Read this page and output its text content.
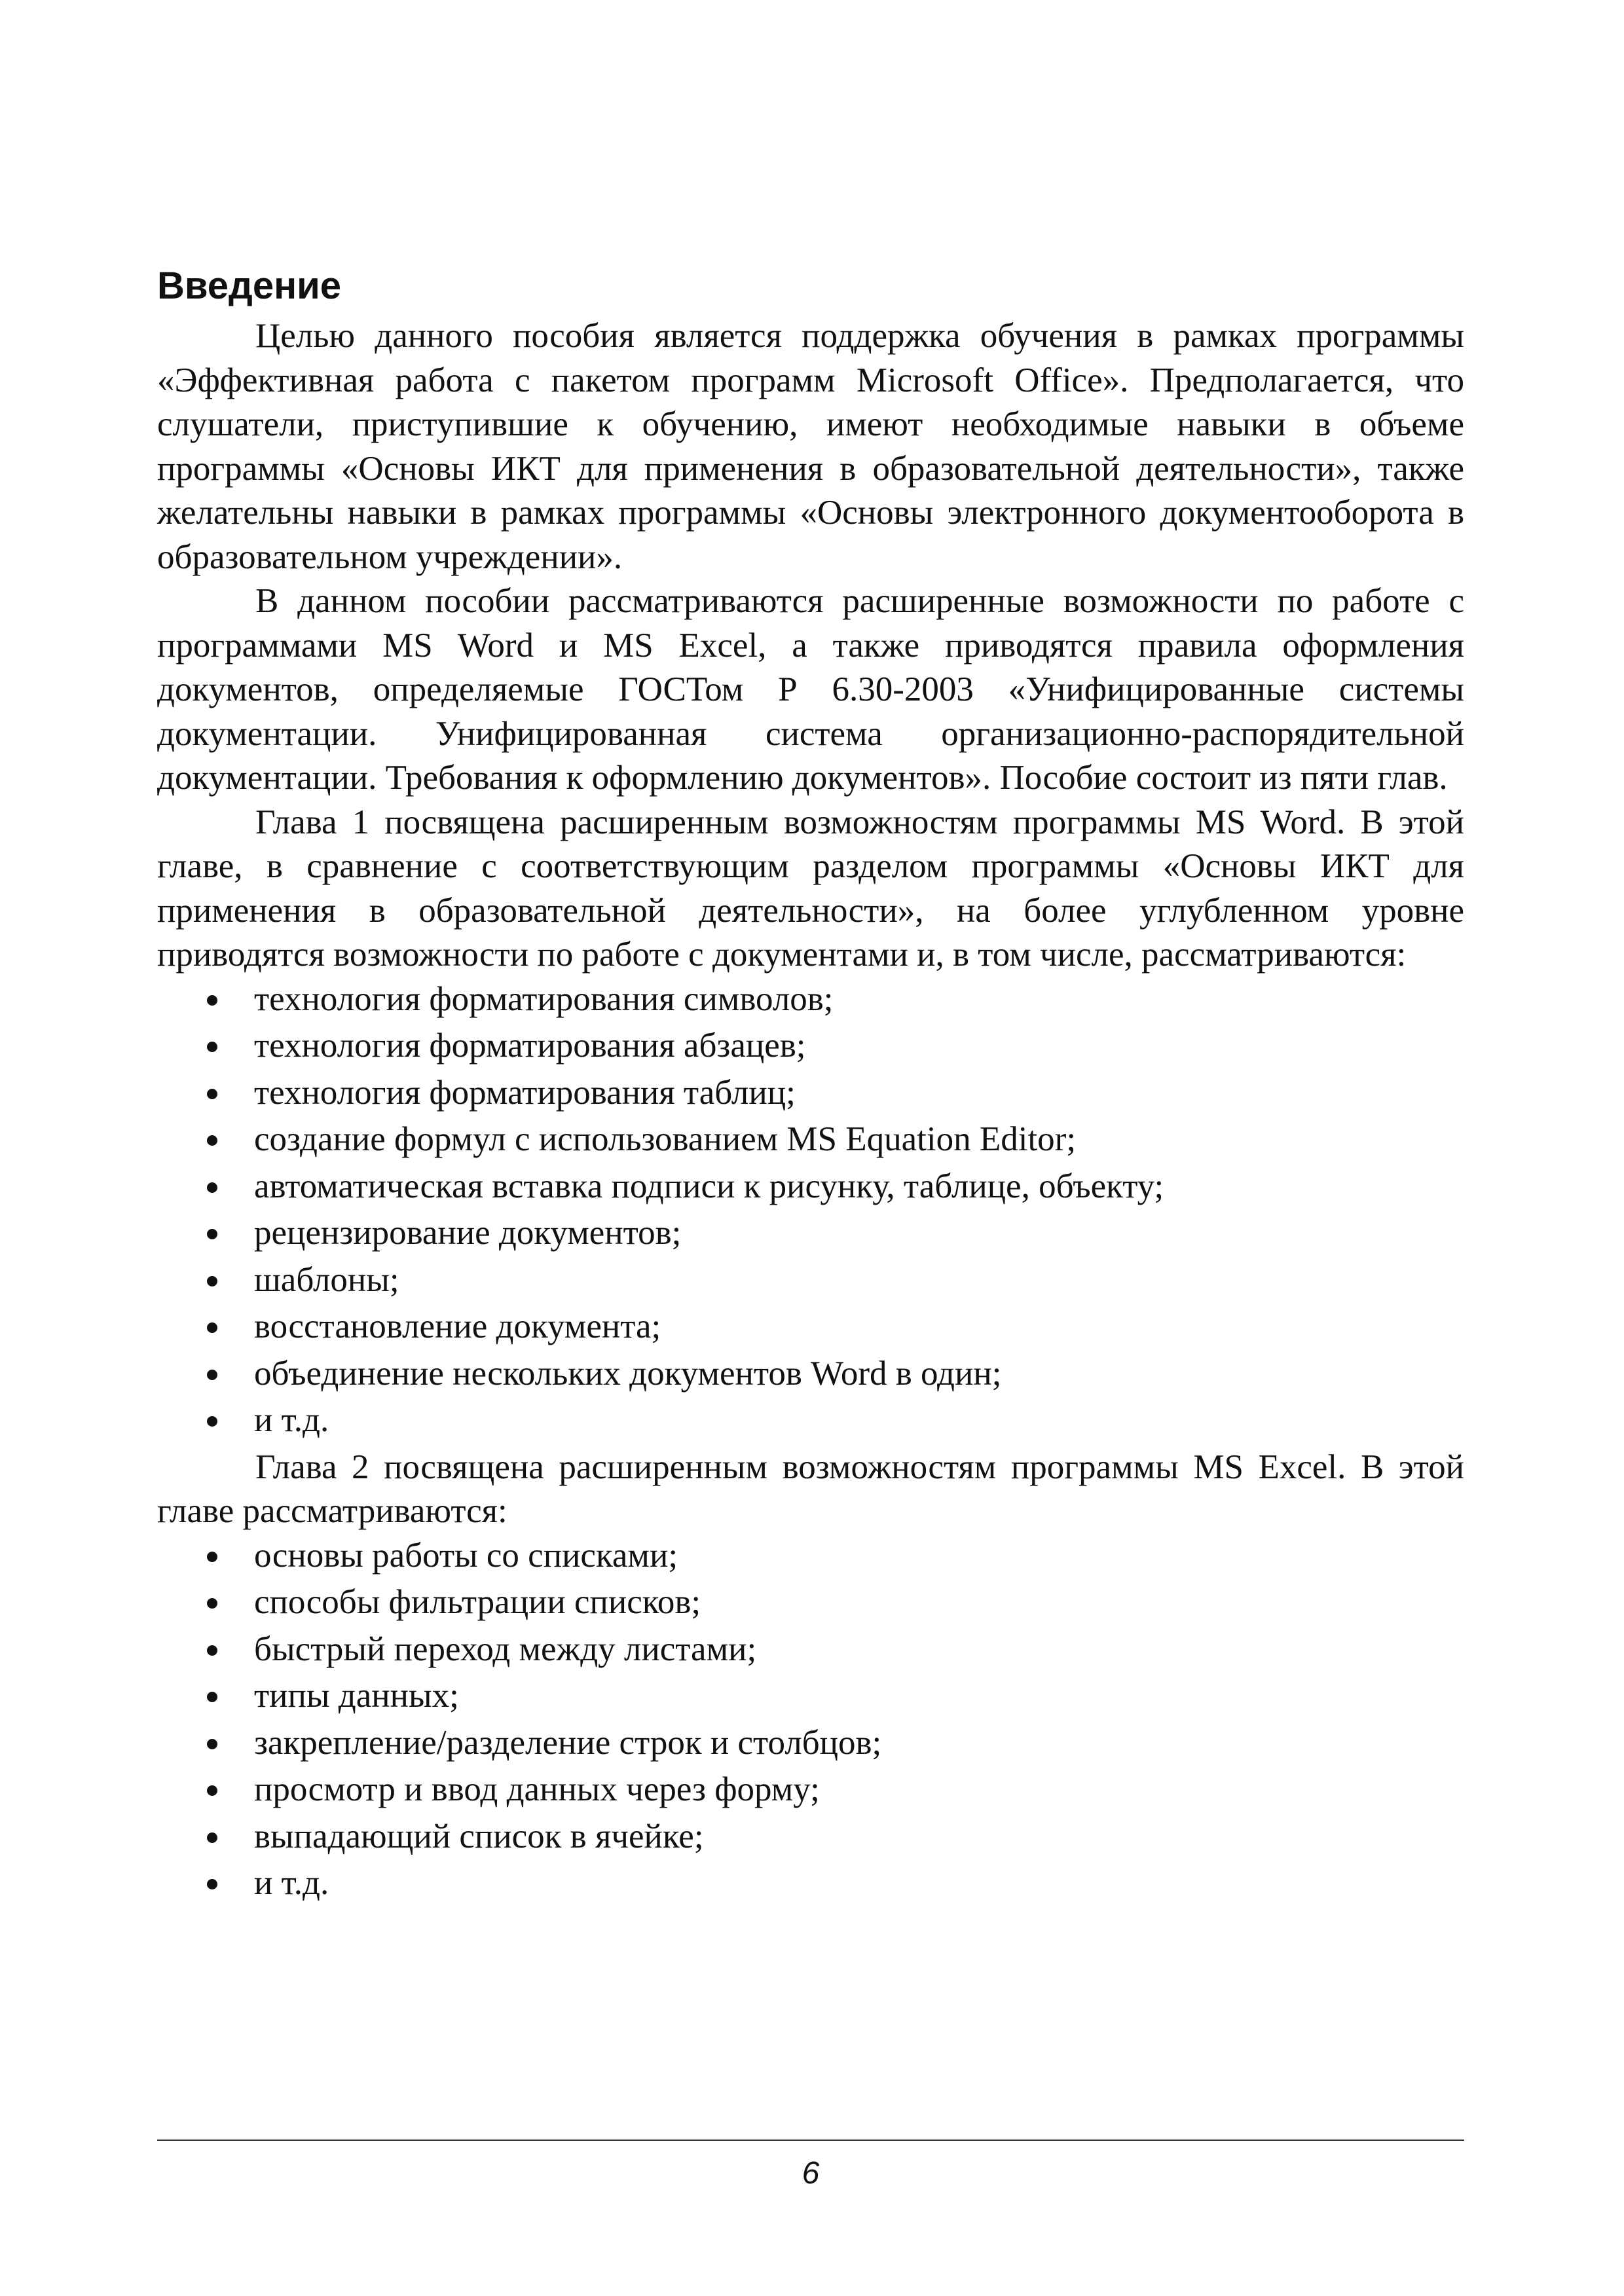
Введение

Целью данного пособия является поддержка обучения в рамках программы «Эффективная работа с пакетом программ Microsoft Office». Предполагается, что слушатели, приступившие к обучению, имеют необходимые навыки в объеме программы «Основы ИКТ для применения в образовательной деятельности», также желательны навыки в рамках программы «Основы электронного документооборота в образовательном учреждении».

В данном пособии рассматриваются расширенные возможности по работе с программами MS Word и MS Excel, а также приводятся правила оформления документов, определяемые ГОСТом Р 6.30-2003 «Унифицированные системы документации. Унифицированная система организационно-распорядительной документации. Требования к оформлению документов». Пособие состоит из пяти глав.

Глава 1 посвящена расширенным возможностям программы MS Word. В этой главе, в сравнение с соответствующим разделом программы «Основы ИКТ для применения в образовательной деятельности», на более углубленном уровне приводятся возможности по работе с документами и, в том числе, рассматриваются:

технология форматирования символов;
технология форматирования абзацев;
технология форматирования таблиц;
создание формул с использованием MS Equation Editor;
автоматическая вставка подписи к рисунку, таблице, объекту;
рецензирование документов;
шаблоны;
восстановление документа;
объединение нескольких документов Word в один;
и т.д.

Глава 2 посвящена расширенным возможностям программы MS Excel. В этой главе рассматриваются:

основы работы со списками;
способы фильтрации списков;
быстрый переход между листами;
типы данных;
закрепление/разделение строк и столбцов;
просмотр и ввод данных через форму;
выпадающий список в ячейке;
и т.д.
6
